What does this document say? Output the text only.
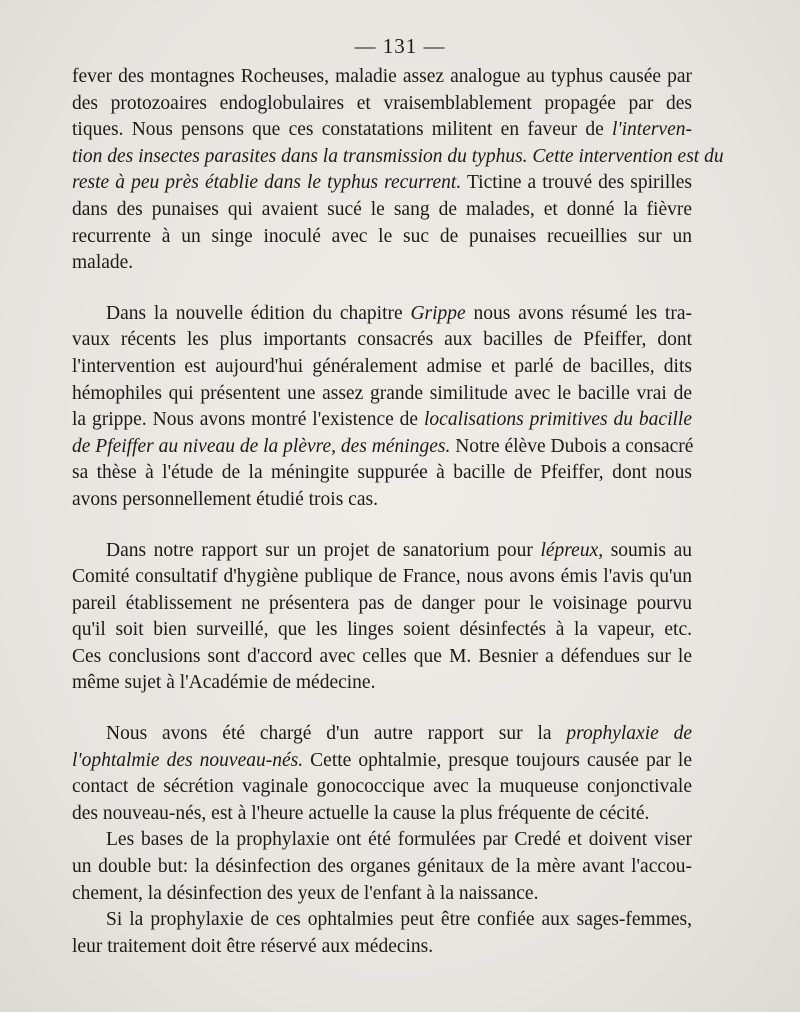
— 131 —
fever des montagnes Rocheuses, maladie assez analogue au typhus causée par
des protozoaires endoglobulaires et vraisemblablement propagée par des
tiques. Nous pensons que ces constatations militent en faveur de l'interven-
tion des insectes parasites dans la transmission du typhus. Cette intervention est du
reste à peu près établie dans le typhus recurrent. Tictine a trouvé des spirilles
dans des punaises qui avaient sucé le sang de malades, et donné la fièvre
recurrente à un singe inoculé avec le suc de punaises recueillies sur un
malade.
Dans la nouvelle édition du chapitre Grippe nous avons résumé les tra-
vaux récents les plus importants consacrés aux bacilles de Pfeiffer, dont
l'intervention est aujourd'hui généralement admise et parlé de bacilles, dits
hémophiles qui présentent une assez grande similitude avec le bacille vrai de
la grippe. Nous avons montré l'existence de localisations primitives du bacille
de Pfeiffer au niveau de la plèvre, des méninges. Notre élève Dubois a consacré
sa thèse à l'étude de la méningite suppurée à bacille de Pfeiffer, dont nous
avons personnellement étudié trois cas.
Dans notre rapport sur un projet de sanatorium pour lépreux, soumis au
Comité consultatif d'hygiène publique de France, nous avons émis l'avis qu'un
pareil établissement ne présentera pas de danger pour le voisinage pourvu
qu'il soit bien surveillé, que les linges soient désinfectés à la vapeur, etc.
Ces conclusions sont d'accord avec celles que M. Besnier a défendues sur le
même sujet à l'Académie de médecine.
Nous avons été chargé d'un autre rapport sur la prophylaxie de
l'ophtalmie des nouveau-nés. Cette ophtalmie, presque toujours causée par le
contact de sécrétion vaginale gonococcique avec la muqueuse conjonctivale
des nouveau-nés, est à l'heure actuelle la cause la plus fréquente de cécité.
Les bases de la prophylaxie ont été formulées par Credé et doivent viser
un double but: la désinfection des organes génitaux de la mère avant l'accou-
chement, la désinfection des yeux de l'enfant à la naissance.
Si la prophylaxie de ces ophtalmies peut être confiée aux sages-femmes,
leur traitement doit être réservé aux médecins.
